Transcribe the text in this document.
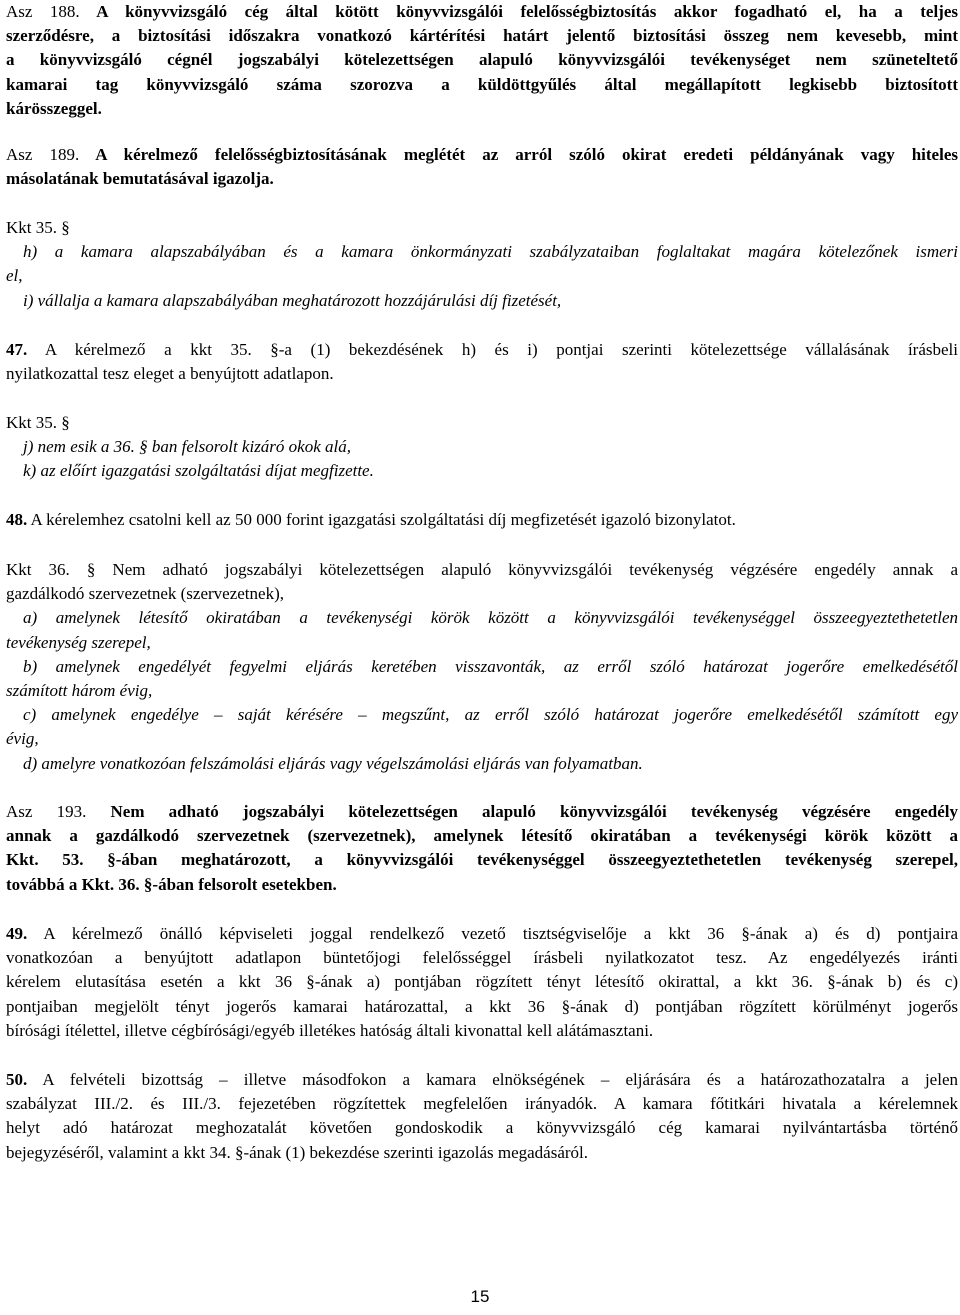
Asz 188. A könyvvizsgáló cég által kötött könyvvizsgálói felelősségbiztosítás akkor fogadható el, ha a teljes
szerződésre, a biztosítási időszakra vonatkozó kártérítési határt jelentő biztosítási összeg nem kevesebb, mint
a könyvvizsgáló cégnél jogszabályi kötelezettségen alapuló könyvvizsgálói tevékenységet nem szüneteltető
kamarai tag könyvvizsgáló száma szorozva a küldöttgyűlés által megállapított legkisebb biztosított
kárösszeggel.
Asz 189. A kérelmező felelősségbiztosításának meglétét az arról szóló okirat eredeti példányának vagy hiteles
másolatának bemutatásával igazolja.
Kkt 35. §
h) a kamara alapszabályában és a kamara önkormányzati szabályzataiban foglaltakat magára kötelezőnek ismeri
el,
i) vállalja a kamara alapszabályában meghatározott hozzájárulási díj fizetését,
47. A kérelmező a kkt 35. §-a (1) bekezdésének h) és i) pontjai szerinti kötelezettsége vállalásának írásbeli
nyilatkozattal tesz eleget a benyújtott adatlapon.
Kkt 35. §
j) nem esik a 36. § ban felsorolt kizáró okok alá,
k) az előírt igazgatási szolgáltatási díjat megfizette.
48. A kérelemhez csatolni kell az 50 000 forint igazgatási szolgáltatási díj megfizetését igazoló bizonylatot.
Kkt 36. § Nem adható jogszabályi kötelezettségen alapuló könyvvizsgálói tevékenység végzésére engedély annak a
gazdálkodó szervezetnek (szervezetnek),
a) amelynek létesítő okiratában a tevékenységi körök között a könyvvizsgálói tevékenységgel összeegyeztethetetlen
tevékenység szerepel,
b) amelynek engedélyét fegyelmi eljárás keretében visszavonták, az erről szóló határozat jogerőre emelkedésétől
számított három évig,
c) amelynek engedélye – saját kérésére – megszűnt, az erről szóló határozat jogerőre emelkedésétől számított egy
évig,
d) amelyre vonatkozóan felszámolási eljárás vagy végelszámolási eljárás van folyamatban.
Asz 193. Nem adható jogszabályi kötelezettségen alapuló könyvvizsgálói tevékenység végzésére engedély
annak a gazdálkodó szervezetnek (szervezetnek), amelynek létesítő okiratában a tevékenységi körök között a
Kkt. 53. §-ában meghatározott, a könyvvizsgálói tevékenységgel összeegyeztethetetlen tevékenység szerepel,
továbbá a Kkt. 36. §-ában felsorolt esetekben.
49. A kérelmező önálló képviseleti joggal rendelkező vezető tisztségviselője a kkt 36 §-ának a) és d) pontjaira
vonatkozóan a benyújtott adatlapon büntetőjogi felelősséggel írásbeli nyilatkozatot tesz. Az engedélyezés iránti
kérelem elutasítása esetén a kkt 36 §-ának a) pontjában rögzített tényt létesítő okirattal, a kkt 36. §-ának b) és c)
pontjaiban megjelölt tényt jogerős kamarai határozattal, a kkt 36 §-ának d) pontjában rögzített körülményt jogerős
bírósági ítélettel, illetve cégbírósági/egyéb illetékes hatóság általi kivonattal kell alátámasztani.
50. A felvételi bizottság – illetve másodfokon a kamara elnökségének – eljárására és a határozathozatalra a jelen
szabályzat III./2. és III./3. fejezetében rögzítettek megfelelően irányadók. A kamara főtitkári hivatala a kérelemnek
helyt adó határozat meghozatalát követően gondoskodik a könyvvizsgáló cég kamarai nyilvántartásba történő
bejegyzéséről, valamint a kkt 34. §-ának (1) bekezdése szerinti igazolás megadásáról.
15
